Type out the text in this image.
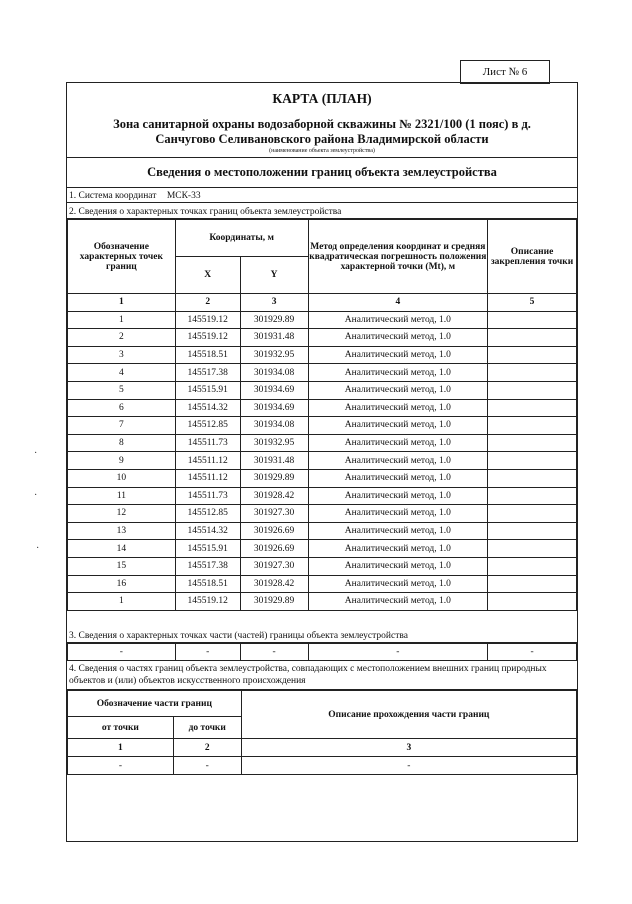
Лист № 6
·
·
·
КАРТА (ПЛАН)
Зона санитарной охраны водозаборной скважины № 2321/100 (1 пояс) в д.
Санчугово Селивановского района Владимирской области
(наименование объекта землеустройства)
Сведения о местоположении границ объекта землеустройства
1. Система координат МСК-33
2. Сведения о характерных точках границ объекта землеустройства
Обозначение характерных точек границ	Координаты, м		Метод определения координат и средняя квадратическая погрешность положения характерной точки (Mt), м	Описание закрепления точки
	X	Y		
1	2	3	4	5
1	145519.12	301929.89	Аналитический метод, 1.0	
2	145519.12	301931.48	Аналитический метод, 1.0	
3	145518.51	301932.95	Аналитический метод, 1.0	
4	145517.38	301934.08	Аналитический метод, 1.0	
5	145515.91	301934.69	Аналитический метод, 1.0	
6	145514.32	301934.69	Аналитический метод, 1.0	
7	145512.85	301934.08	Аналитический метод, 1.0	
8	145511.73	301932.95	Аналитический метод, 1.0	
9	145511.12	301931.48	Аналитический метод, 1.0	
10	145511.12	301929.89	Аналитический метод, 1.0	
11	145511.73	301928.42	Аналитический метод, 1.0	
12	145512.85	301927.30	Аналитический метод, 1.0	
13	145514.32	301926.69	Аналитический метод, 1.0	
14	145515.91	301926.69	Аналитический метод, 1.0	
15	145517.38	301927.30	Аналитический метод, 1.0	
16	145518.51	301928.42	Аналитический метод, 1.0	
1	145519.12	301929.89	Аналитический метод, 1.0	
3. Сведения о характерных точках части (частей) границы объекта землеустройства
-	-	-	-	-
4. Сведения о частях границ объекта землеустройства, совпадающих с местоположением внешних границ природных объектов и (или) объектов искусственного происхождения
Обозначение части границ		Описание прохождения части границ
от точки	до точки	
1	2	3
-	-	-
